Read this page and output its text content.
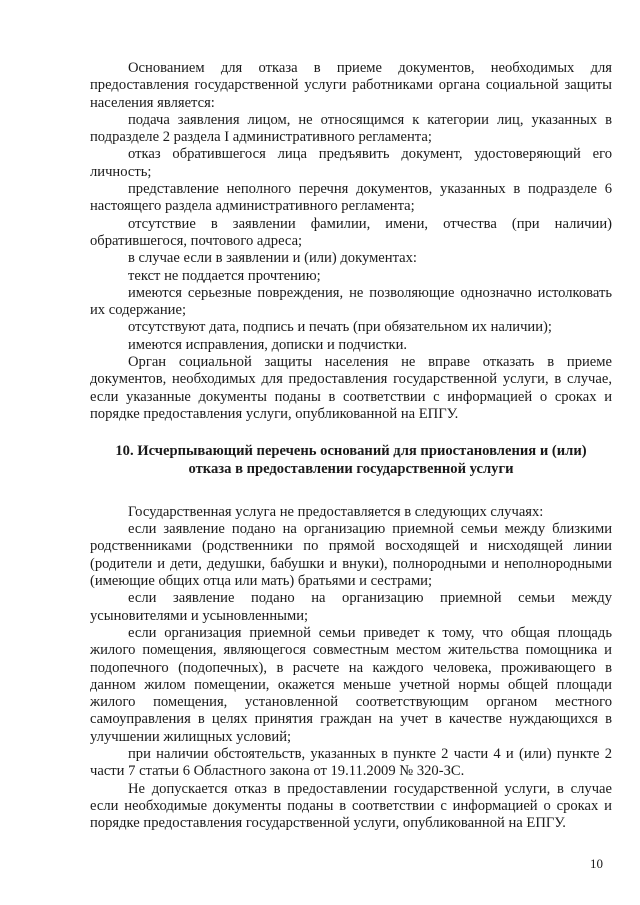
Основанием для отказа в приеме документов, необходимых для предоставления государственной услуги работниками органа социальной защиты населения является:

подача заявления лицом, не относящимся к категории лиц, указанных в подразделе 2 раздела I административного регламента;

отказ обратившегося лица предъявить документ, удостоверяющий его личность;

представление неполного перечня документов, указанных в подразделе 6 настоящего раздела административного регламента;

отсутствие в заявлении фамилии, имени, отчества (при наличии) обратившегося, почтового адреса;

в случае если в заявлении и (или) документах:

текст не поддается прочтению;

имеются серьезные повреждения, не позволяющие однозначно истолковать их содержание;

отсутствуют дата, подпись и печать (при обязательном их наличии);

имеются исправления, дописки и подчистки.

Орган социальной защиты населения не вправе отказать в приеме документов, необходимых для предоставления государственной услуги, в случае, если указанные документы поданы в соответствии с информацией о сроках и порядке предоставления услуги, опубликованной на ЕПГУ.

10. Исчерпывающий перечень оснований для приостановления и (или)
отказа в предоставлении государственной услуги

Государственная услуга не предоставляется в следующих случаях:

если заявление подано на организацию приемной семьи между близкими родственниками (родственники по прямой восходящей и нисходящей линии (родители и дети, дедушки, бабушки и внуки), полнородными и неполнородными (имеющие общих отца или мать) братьями и сестрами;

если заявление подано на организацию приемной семьи между усыновителями и усыновленными;

если организация приемной семьи приведет к тому, что общая площадь жилого помещения, являющегося совместным местом жительства помощника и подопечного (подопечных), в расчете на каждого человека, проживающего в данном жилом помещении, окажется меньше учетной нормы общей площади жилого помещения, установленной соответствующим органом местного самоуправления в целях принятия граждан на учет в качестве нуждающихся в улучшении жилищных условий;

при наличии обстоятельств, указанных в пункте 2 части 4 и (или) пункте 2 части 7 статьи 6 Областного закона от 19.11.2009 № 320-ЗС.

Не допускается отказ в предоставлении государственной услуги, в случае если необходимые документы поданы в соответствии с информацией о сроках и порядке предоставления государственной услуги, опубликованной на ЕПГУ.

10
